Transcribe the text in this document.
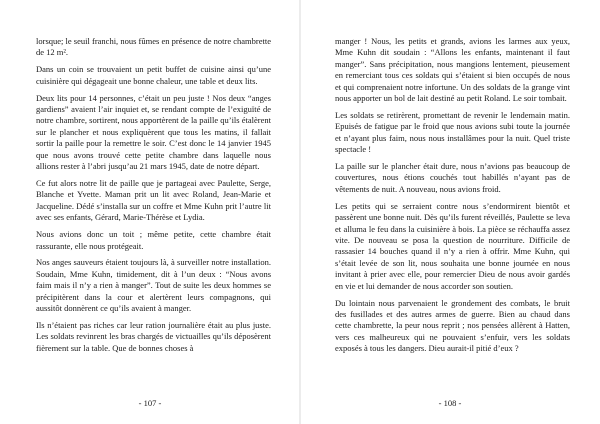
lorsque; le seuil franchi, nous fûmes en présence de notre chambrette de 12 m².

Dans un coin se trouvaient un petit buffet de cuisine ainsi qu’une cuisinière qui dégageait une bonne chaleur, une table et deux lits.

Deux lits pour 14 personnes, c’était un peu juste ! Nos deux “anges gardiens” avaient l’air inquiet et, se rendant compte de l’exiguïté de notre chambre, sortirent, nous apportèrent de la paille qu’ils étalèrent sur le plancher et nous expliquèrent que tous les matins, il fallait sortir la paille pour la remettre le soir. C’est donc le 14 janvier 1945 que nous avons trouvé cette petite chambre dans laquelle nous allions rester à l’abri jusqu’au 21 mars 1945, date de notre départ.

Ce fut alors notre lit de paille que je partageai avec Paulette, Serge, Blanche et Yvette. Maman prit un lit avec Roland, Jean-Marie et Jacqueline. Dédé s’installa sur un coffre et Mme Kuhn prit l’autre lit avec ses enfants, Gérard, Marie-Thérèse et Lydia.

Nous avions donc un toit ; même petite, cette chambre était rassurante, elle nous protégeait.

Nos anges sauveurs étaient toujours là, à surveiller notre installation. Soudain, Mme Kuhn, timidement, dit à l’un deux : “Nous avons faim mais il n’y a rien à manger”. Tout de suite les deux hommes se précipitèrent dans la cour et alertèrent leurs compagnons, qui aussitôt donnèrent ce qu’ils avaient à manger.

Ils n’étaient pas riches car leur ration journalière était au plus juste. Les soldats revinrent les bras chargés de victuailles qu’ils déposèrent fièrement sur la table. Que de bonnes choses à

- 107 -

manger ! Nous, les petits et grands, avions les larmes aux yeux, Mme Kuhn dit soudain : “Allons les enfants, maintenant il faut manger”. Sans précipitation, nous mangions lentement, pieusement en remerciant tous ces soldats qui s’étaient si bien occupés de nous et qui comprenaient notre infortune. Un des soldats de la grange vint nous apporter un bol de lait destiné au petit Roland. Le soir tombait.

Les soldats se retirèrent, promettant de revenir le lendemain matin. Epuisés de fatigue par le froid que nous avions subi toute la journée et n’ayant plus faim, nous nous installâmes pour la nuit. Quel triste spectacle !

La paille sur le plancher était dure, nous n’avions pas beaucoup de couvertures, nous étions couchés tout habillés n’ayant pas de vêtements de nuit. A nouveau, nous avions froid.

Les petits qui se serraient contre nous s’endormirent bientôt et passèrent une bonne nuit. Dès qu’ils furent réveillés, Paulette se leva et alluma le feu dans la cuisinière à bois. La pièce se réchauffa assez vite. De nouveau se posa la question de nourriture. Difficile de rassasier 14 bouches quand il n’y a rien à offrir. Mme Kuhn, qui s’était levée de son lit, nous souhaita une bonne journée en nous invitant à prier avec elle, pour remercier Dieu de nous avoir gardés en vie et lui demander de nous accorder son soutien.

Du lointain nous parvenaient le grondement des combats, le bruit des fusillades et des autres armes de guerre. Bien au chaud dans cette chambrette, la peur nous reprit ; nos pensées allèrent à Hatten, vers ces malheureux qui ne pouvaient s’enfuir, vers les soldats exposés à tous les dangers. Dieu aurait-il pitié d’eux ?

- 108 -
